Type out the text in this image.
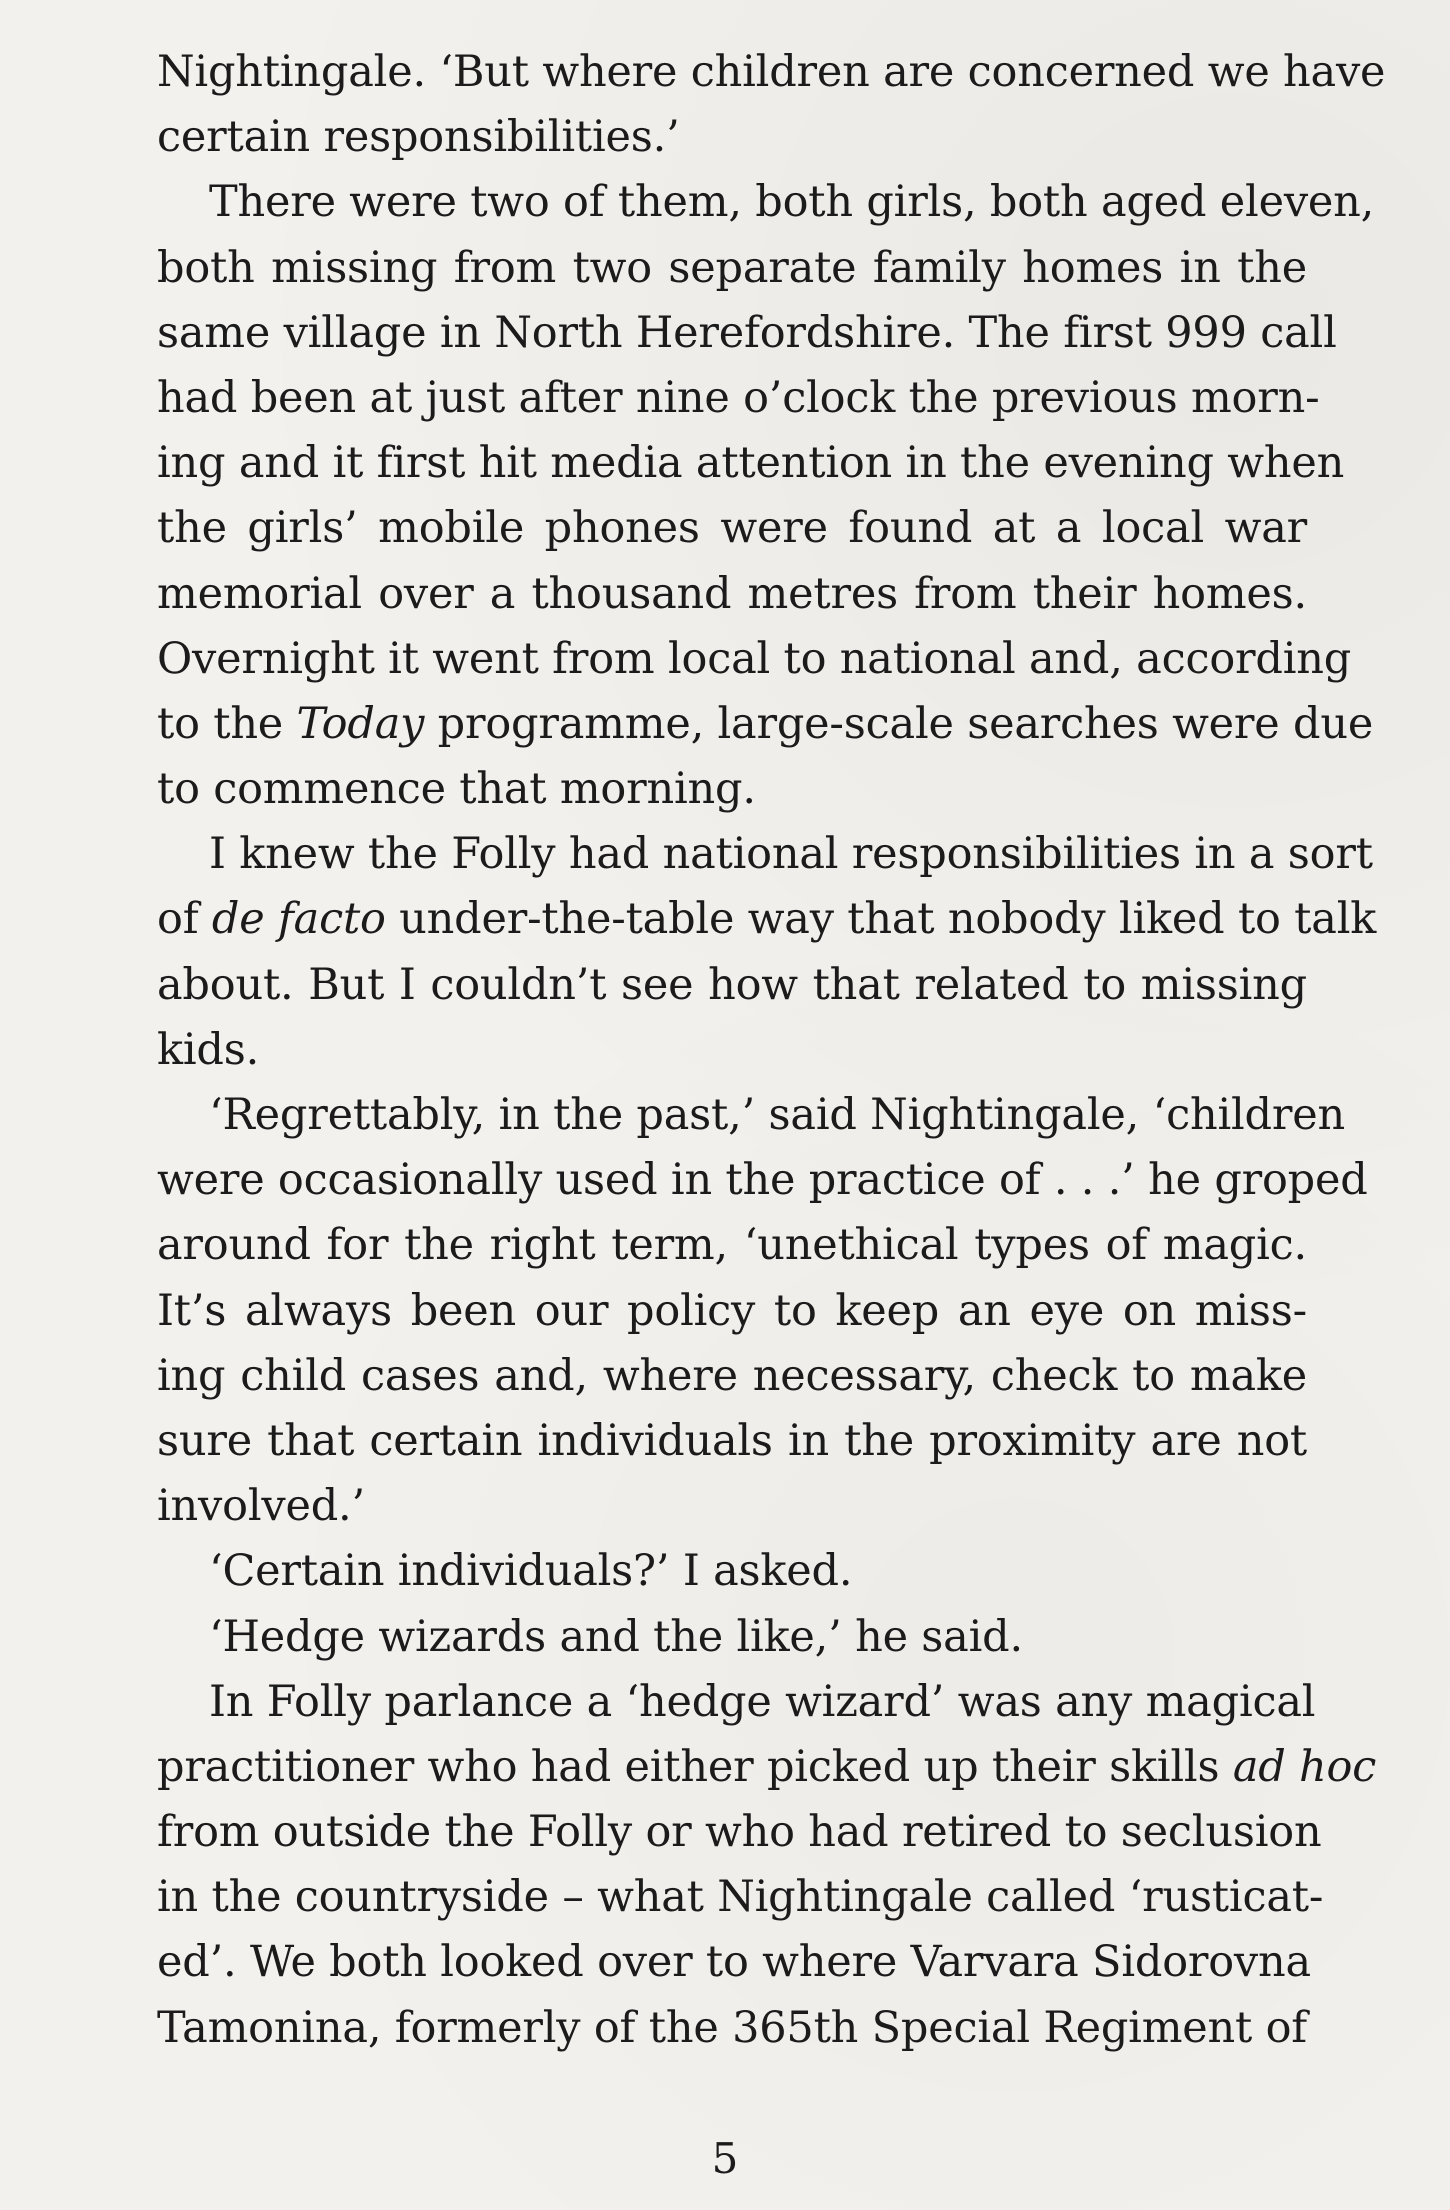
Nightingale. ‘But where children are concerned we have
certain responsibilities.’
There were two of them, both girls, both aged eleven,
both missing from two separate family homes in the
same village in North Herefordshire. The first 999 call
had been at just after nine o’clock the previous morn-
ing and it first hit media attention in the evening when
the girls’ mobile phones were found at a local war
memorial over a thousand metres from their homes.
Overnight it went from local to national and, according
to the Today programme, large-scale searches were due
to commence that morning.
I knew the Folly had national responsibilities in a sort
of de facto under-the-table way that nobody liked to talk
about. But I couldn’t see how that related to missing
kids.
‘Regrettably, in the past,’ said Nightingale, ‘children
were occasionally used in the practice of . . .’ he groped
around for the right term, ‘unethical types of magic.
It’s always been our policy to keep an eye on miss-
ing child cases and, where necessary, check to make
sure that certain individuals in the proximity are not
involved.’
‘Certain individuals?’ I asked.
‘Hedge wizards and the like,’ he said.
In Folly parlance a ‘hedge wizard’ was any magical
practitioner who had either picked up their skills ad hoc
from outside the Folly or who had retired to seclusion
in the countryside – what Nightingale called ‘rusticat-
ed’. We both looked over to where Varvara Sidorovna
Tamonina, formerly of the 365th Special Regiment of
5
